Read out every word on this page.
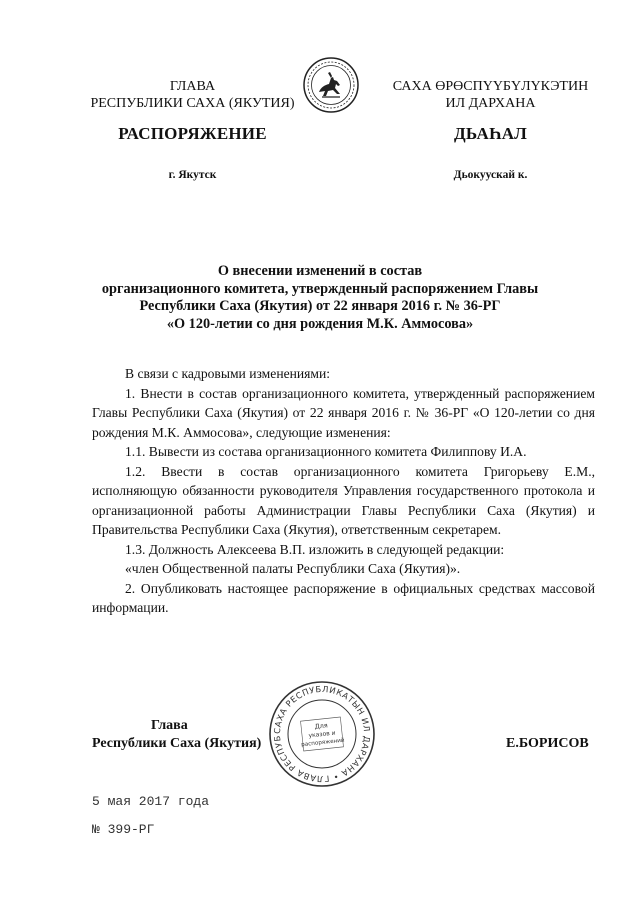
ГЛАВА
РЕСПУБЛИКИ САХА (ЯКУТИЯ)
САХА ӨРӨСПҮҮБҮЛҮКЭТИН
ИЛ ДАРХАНА
РАСПОРЯЖЕНИЕ	ДЬАҺАЛ
г. Якутск	Дьокуускай к.
О внесении изменений в состав
организационного комитета, утвержденный распоряжением Главы
Республики Саха (Якутия) от 22 января 2016 г. № 36-РГ
«О 120-летии со дня рождения М.К. Аммосова»

В связи с кадровыми изменениями:

1. Внести в состав организационного комитета, утвержденный распоряжением Главы Республики Саха (Якутия) от 22 января 2016 г. № 36-РГ «О 120-летии со дня рождения М.К. Аммосова», следующие изменения:

1.1. Вывести из состава организационного комитета Филиппову И.А.

1.2. Ввести в состав организационного комитета Григорьеву Е.М., исполняющую обязанности руководителя Управления государственного протокола и организационной работы Администрации Главы Республики Саха (Якутия) и Правительства Республики Саха (Якутия), ответственным секретарем.

1.3. Должность Алексеева В.П. изложить в следующей редакции:

«член Общественной палаты Республики Саха (Якутия)».

2. Опубликовать настоящее распоряжение в официальных средствах массовой информации.

САХА РЕСПУБЛИКАТЫН ИЛ ДАРХАНА • ГЛАВА РЕСПУБ
Для
указов и
распоряжений
Глава
Республики Саха (Якутия)	Е.БОРИСОВ
5 мая 2017 года
№ 399-РГ
